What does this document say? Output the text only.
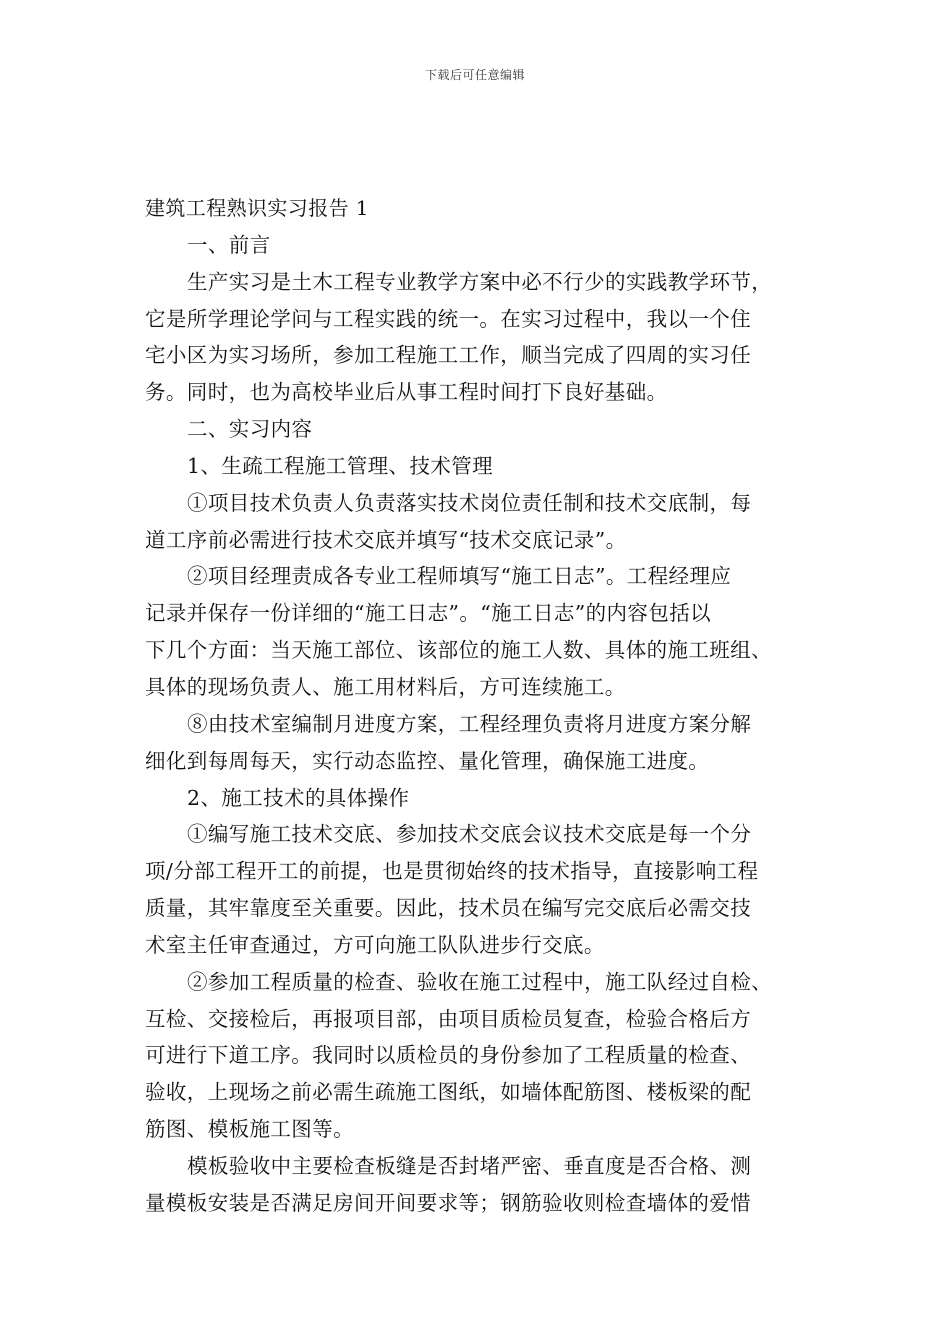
下载后可任意编辑
建筑工程熟识实习报告 1
一、前言
生产实习是土木工程专业教学方案中必不行少的实践教学环节，
它是所学理论学问与工程实践的统一。在实习过程中，我以一个住
宅小区为实习场所，参加工程施工工作，顺当完成了四周的实习任
务。同时，也为高校毕业后从事工程时间打下良好基础。
二、实习内容
1、生疏工程施工管理、技术管理
①项目技术负责人负责落实技术岗位责任制和技术交底制，每
道工序前必需进行技术交底并填写“技术交底记录”。
②项目经理责成各专业工程师填写“施工日志”。工程经理应
记录并保存一份详细的“施工日志”。“施工日志”的内容包括以
下几个方面：当天施工部位、该部位的施工人数、具体的施工班组、
具体的现场负责人、施工用材料后，方可连续施工。
⑧由技术室编制月进度方案，工程经理负责将月进度方案分解
细化到每周每天，实行动态监控、量化管理，确保施工进度。
2、施工技术的具体操作
①编写施工技术交底、参加技术交底会议技术交底是每一个分
项/分部工程开工的前提，也是贯彻始终的技术指导，直接影响工程
质量，其牢靠度至关重要。因此，技术员在编写完交底后必需交技
术室主任审查通过，方可向施工队队进步行交底。
②参加工程质量的检查、验收在施工过程中，施工队经过自检、
互检、交接检后，再报项目部，由项目质检员复查，检验合格后方
可进行下道工序。我同时以质检员的身份参加了工程质量的检查、
验收，上现场之前必需生疏施工图纸，如墙体配筋图、楼板梁的配
筋图、模板施工图等。
模板验收中主要检查板缝是否封堵严密、垂直度是否合格、测
量模板安装是否满足房间开间要求等；钢筋验收则检查墙体的爱惜
